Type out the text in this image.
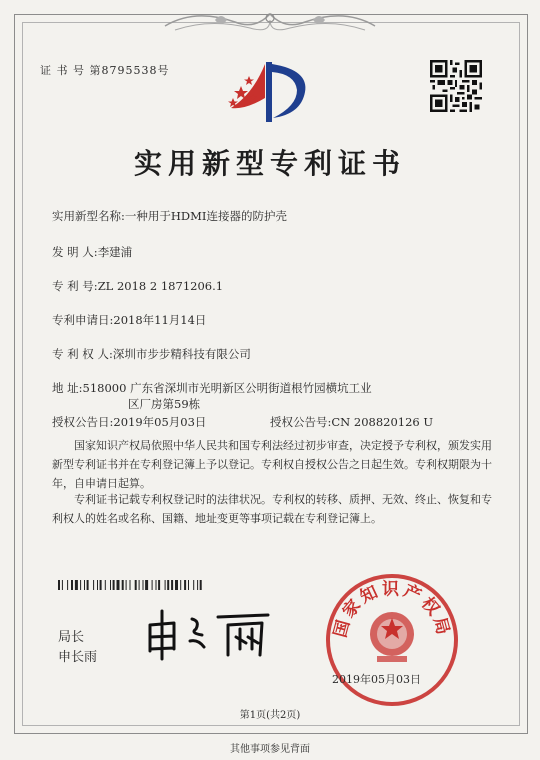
证 书 号 第8795538号
实用新型专利证书
实用新型名称:一种用于HDMI连接器的防护壳
发 明 人:李建浦
专 利 号:ZL 2018 2 1871206.1
专利申请日:2018年11月14日
专 利 权 人:深圳市步步精科技有限公司
地 址:518000 广东省深圳市光明新区公明街道根竹园横坑工业
区厂房第59栋
授权公告日:2019年05月03日	授权公告号:CN 208820126 U
国家知识产权局依照中华人民共和国专利法经过初步审查，决定授予专利权，颁发实用新型专利证书并在专利登记簿上予以登记。专利权自授权公告之日起生效。专利权期限为十年，自申请日起算。
专利证书记载专利权登记时的法律状况。专利权的转移、质押、无效、终止、恢复和专利权人的姓名或名称、国籍、地址变更等事项记载在专利登记簿上。
局长
申长雨
国家知识产权局
2019年05月03日
第1页(共2页)
其他事项参见背面
